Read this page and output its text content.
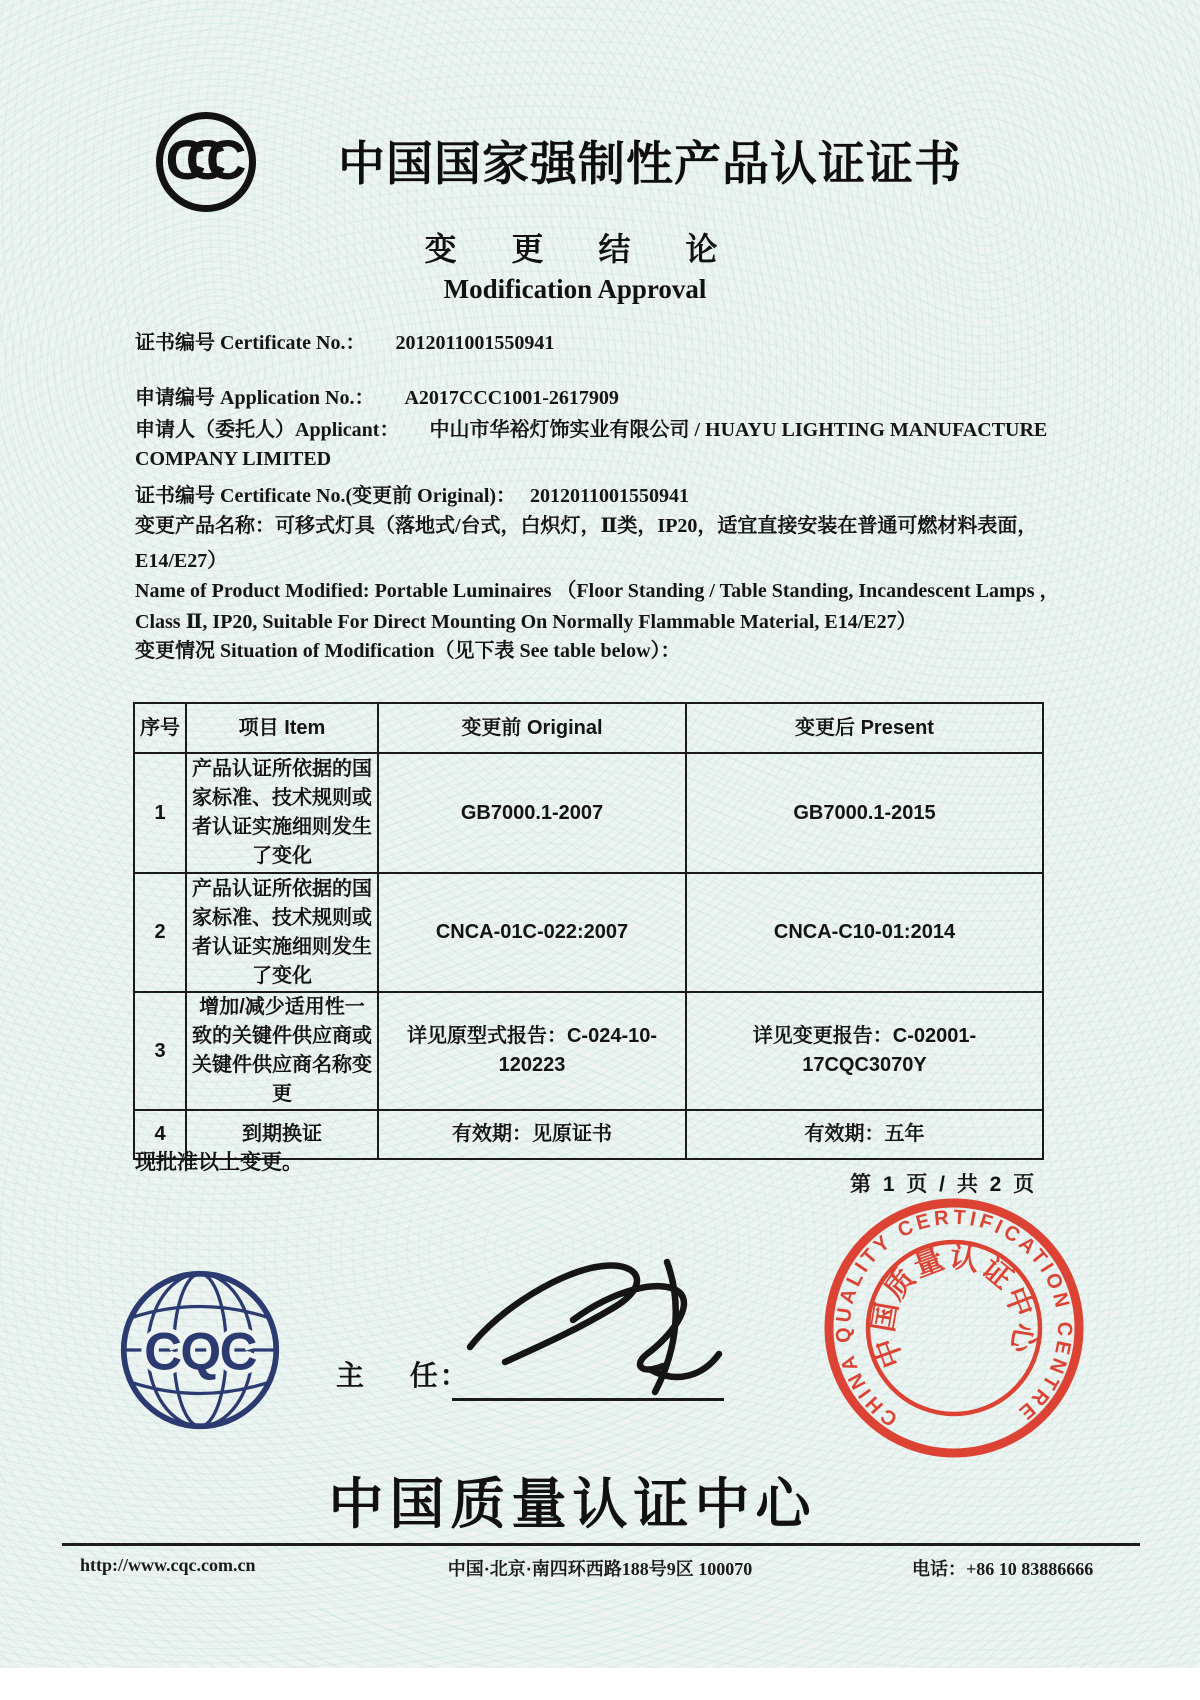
CCC	中国国家强制性产品认证证书
变 更 结 论
Modification Approval
证书编号 Certificate No.： 2012011001550941
申请编号 Application No.： A2017CCC1001-2617909
申请人（委托人）Applicant： 中山市华裕灯饰实业有限公司 / HUAYU LIGHTING MANUFACTURE
COMPANY LIMITED
证书编号 Certificate No.(变更前 Original)： 2012011001550941
变更产品名称：可移式灯具（落地式/台式，白炽灯，Ⅱ类，IP20，适宜直接安装在普通可燃材料表面，
E14/E27）
Name of Product Modified: Portable Luminaires （Floor Standing / Table Standing, Incandescent Lamps ，
Class Ⅱ, IP20, Suitable For Direct Mounting On Normally Flammable Material, E14/E27）
变更情况 Situation of Modification（见下表 See table below）：
序号	项目 Item	变更前 Original	变更后 Present
1	产品认证所依据的国家标准、技术规则或者认证实施细则发生了变化	GB7000.1-2007	GB7000.1-2015
2	产品认证所依据的国家标准、技术规则或者认证实施细则发生了变化	CNCA-01C-022:2007	CNCA-C10-01:2014
3	增加/减少适用性一致的关键件供应商或关键件供应商名称变更	详见原型式报告：C-024-10-120223	详见变更报告：C-02001-17CQC3070Y
4	到期换证	有效期：见原证书	有效期：五年
现批准以上变更。
第 1 页 / 共 2 页
CQC	主 任：
CHINA QUALITY CERTIFICATION CENTRE
中国质量认证中心
中国质量认证中心
http://www.cqc.com.cn	中国·北京·南四环西路188号9区 100070	电话：+86 10 83886666
